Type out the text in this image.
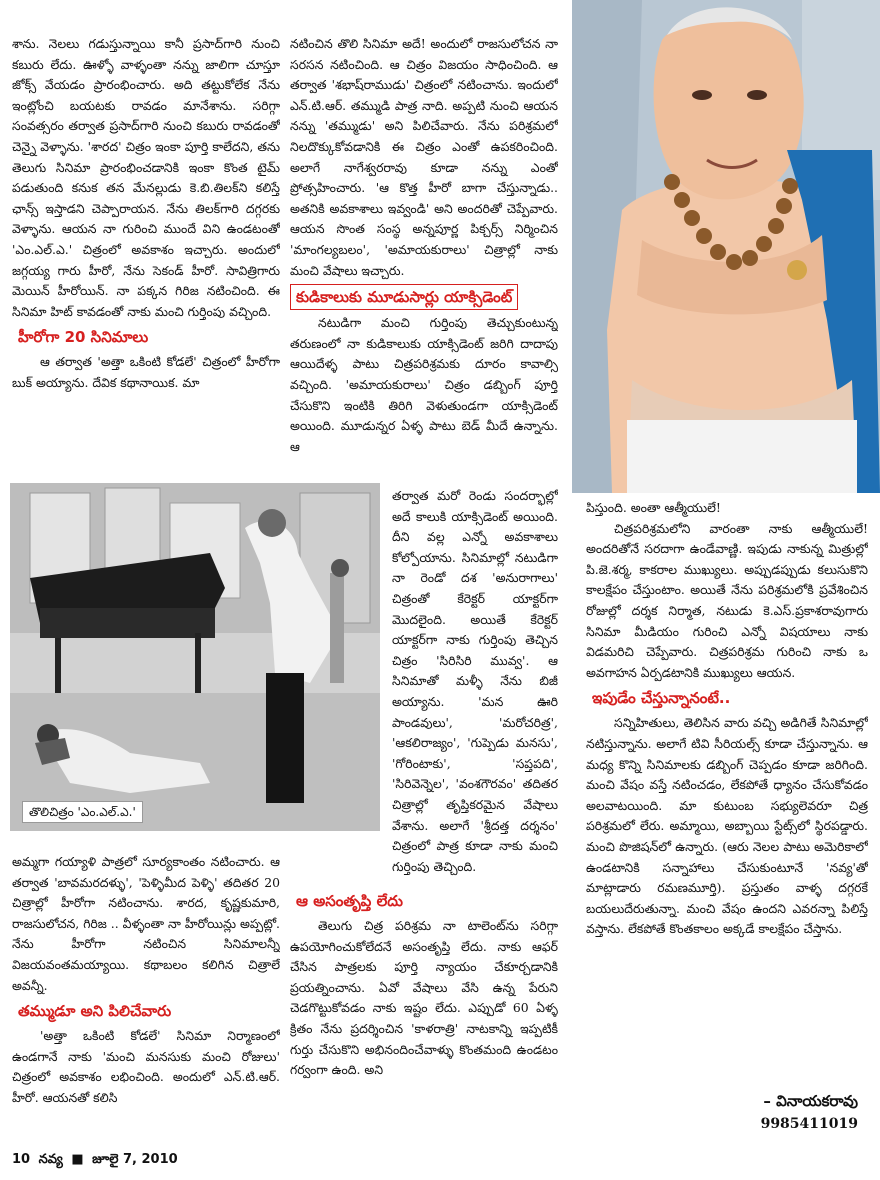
శాను. నెలలు గడుస్తున్నాయి కానీ ప్రసాద్‌గారి నుంచి కబురు లేదు. ఊళ్ళో వాళ్ళంతా నన్ను జాలిగా చూస్తూ జోక్స్ వేయడం ప్రారంభించారు. అది తట్టుకోలేక నేను ఇంట్లోంచి బయటకు రావడం మానేశాను. సరిగ్గా సంవత్సరం తర్వాత ప్రసాద్‌గారి నుంచి కబురు రావడంతో చెన్నై వెళ్ళాను. 'శారద' చిత్రం ఇంకా పూర్తి కాలేదని, తను తెలుగు సినిమా ప్రారంభించడానికి ఇంకా కొంత టైమ్ పడుతుంది కనుక తన మేనల్లుడు కె.బి.తిలక్‌ని కలిస్తే ఛాన్స్ ఇస్తాడని చెప్పారాయన. నేను తిలక్‌గారి దగ్గరకు వెళ్ళాను. ఆయన నా గురించి ముందే విని ఉండటంతో 'ఎం.ఎల్.ఎ.' చిత్రంలో అవకాశం ఇచ్చారు. అందులో జగ్గయ్య గారు హీరో, నేను సెకండ్ హీరో. సావిత్రిగారు మెయిన్ హీరోయిన్. నా పక్కన గిరిజ నటించింది. ఈ సినిమా హిట్ కావడంతో నాకు మంచి గుర్తింపు వచ్చింది.

హీరోగా 20 సినిమాలు

ఆ తర్వాత 'అత్తా ఒకింటి కోడలే' చిత్రంలో హీరోగా బుక్ అయ్యాను. దేవిక కథానాయిక. మా

తొలిచిత్రం 'ఎం.ఎల్.ఎ.'

అమ్మగా గయ్యాళి పాత్రలో సూర్యకాంతం నటించారు. ఆ తర్వాత 'బావమరదళ్ళు', 'పెళ్ళిమీద పెళ్ళి' తదితర 20 చిత్రాల్లో హీరోగా నటించాను. శారద, కృష్ణకుమారి, రాజసులోచన, గిరిజ .. వీళ్ళంతా నా హీరోయిన్లు అప్పట్లో. నేను హీరోగా నటించిన సినిమాలన్నీ విజయవంతమయ్యాయి. కథాబలం కలిగిన చిత్రాలే అవన్నీ.

తమ్ముడూ అని పిలిచేవారు

'అత్తా ఒకింటి కోడలే' సినిమా నిర్మాణంలో ఉండగానే నాకు 'మంచి మనసుకు మంచి రోజులు' చిత్రంలో అవకాశం లభించింది. అందులో ఎన్.టి.ఆర్. హీరో. ఆయనతో కలిసి

నటించిన తొలి సినిమా అదే! అందులో రాజసులోచన నా సరసన నటించింది. ఆ చిత్రం విజయం సాధించింది. ఆ తర్వాత 'శభాష్‌రాముడు' చిత్రంలో నటించాను. ఇందులో ఎన్.టి.ఆర్. తమ్ముడి పాత్ర నాది. అప్పటి నుంచి ఆయన నన్ను 'తమ్ముడు' అని పిలిచేవారు. నేను పరిశ్రమలో నిలదొక్కుకోవడానికి ఈ చిత్రం ఎంతో ఉపకరించింది. అలాగే నాగేశ్వరరావు కూడా నన్ను ఎంతో ప్రోత్సహించారు. 'ఆ కొత్త హీరో బాగా చేస్తున్నాడు.. అతనికి అవకాశాలు ఇవ్వండి' అని అందరితో చెప్పేవారు. ఆయన సొంత సంస్థ అన్నపూర్ణ పిక్చర్స్ నిర్మించిన 'మాంగల్యబలం', 'అమాయకురాలు' చిత్రాల్లో నాకు మంచి వేషాలు ఇచ్చారు.

కుడికాలుకు మూడుసార్లు యాక్సిడెంట్

నటుడిగా మంచి గుర్తింపు తెచ్చుకుంటున్న తరుణంలో నా కుడికాలుకు యాక్సిడెంట్ జరిగి దాదాపు ఆయిదేళ్ళ పాటు చిత్రపరిశ్రమకు దూరం కావాల్సి వచ్చింది. 'అమాయకురాలు' చిత్రం డబ్బింగ్ పూర్తి చేసుకొని ఇంటికి తిరిగి వెళుతుండగా యాక్సిడెంట్ అయింది. మూడున్నర ఏళ్ళ పాటు బెడ్ మీదే ఉన్నాను. ఆ

తర్వాత మరో రెండు సందర్భాల్లో అదే కాలుకి యాక్సిడెంట్ అయింది. దీని వల్ల ఎన్నో అవకాశాలు కోల్పోయాను. సినిమాల్లో నటుడిగా నా రెండో దశ 'అనురాగాలు' చిత్రంతో కేరెక్టర్ యాక్టర్‌గా మొదలైంది. అయితే కేరెక్టర్ యాక్టర్‌గా నాకు గుర్తింపు తెచ్చిన చిత్రం 'సిరిసిరి మువ్వ'. ఆ సినిమాతో మళ్ళీ నేను బిజీ అయ్యాను. 'మన ఊరి పాండవులు', 'మరోచరిత్ర', 'ఆకలిరాజ్యం', 'గుప్పెడు మనసు', 'గోరింటాకు', 'సప్తపది', 'సిరివెన్నెల', 'వంశగౌరవం' తదితర చిత్రాల్లో తృప్తికరమైన వేషాలు వేశాను. అలాగే 'శ్రీదత్త దర్శనం' చిత్రంలో పాత్ర కూడా నాకు మంచి గుర్తింపు తెచ్చింది.

ఆ అసంతృప్తి లేదు

తెలుగు చిత్ర పరిశ్రమ నా టాలెంట్‌ను సరిగ్గా ఉపయోగించుకోలేదనే అసంతృప్తి లేదు. నాకు ఆఫర్ చేసిన పాత్రలకు పూర్తి న్యాయం చేకూర్చడానికి ప్రయత్నించాను. ఏవో వేషాలు వేసి ఉన్న పేరుని చెడగొట్టుకోవడం నాకు ఇష్టం లేదు. ఎప్పుడో 60 ఏళ్ళ క్రితం నేను ప్రదర్శించిన 'కాళరాత్రి' నాటకాన్ని ఇప్పటికీ గుర్తు చేసుకొని అభినందించేవాళ్ళు కొంతమంది ఉండటం గర్వంగా ఉంది. అని

పిస్తుంది. అంతా ఆత్మీయులే!

చిత్రపరిశ్రమలోని వారంతా నాకు ఆత్మీయులే! అందరితోనే సరదాగా ఉండేవాణ్ణి. ఇపుడు నాకున్న మిత్రుల్లో పి.జె.శర్మ, కాకరాల ముఖ్యులు. అప్పుడప్పుడు కలుసుకొని కాలక్షేపం చేస్తుంటాం. అయితే నేను పరిశ్రమలోకి ప్రవేశించిన రోజుల్లో దర్శక నిర్మాత, నటుడు కె.ఎస్.ప్రకాశరావుగారు సినిమా మీడియం గురించి ఎన్నో విషయాలు నాకు విడమరిచి చెప్పేవారు. చిత్రపరిశ్రమ గురించి నాకు ఒ అవగాహన ఏర్పడటానికి ముఖ్యులు ఆయన.

ఇపుడేం చేస్తున్నానంటే..

సన్నిహితులు, తెలిసిన వారు వచ్చి అడిగితే సినిమాల్లో నటిస్తున్నాను. అలాగే టివి సీరియల్స్ కూడా చేస్తున్నాను. ఆ మధ్య కొన్ని సినిమాలకు డబ్బింగ్ చెప్పడం కూడా జరిగింది. మంచి వేషం వస్తే నటించడం, లేకపోతే ధ్యానం చేసుకోవడం అలవాటయింది. మా కుటుంబ సభ్యులెవరూ చిత్ర పరిశ్రమలో లేరు. అమ్మాయి, అబ్బాయి స్టేట్స్‌లో స్థిరపడ్డారు. మంచి పొజిషన్‌లో ఉన్నారు. (ఆరు నెలల పాటు అమెరికాలో ఉండటానికి సన్నాహాలు చేసుకుంటూనే 'నవ్య'తో మాట్లాడారు రమణమూర్తి). ప్రస్తుతం వాళ్ళ దగ్గరకే బయలుదేరుతున్నా. మంచి వేషం ఉందని ఎవరన్నా పిలిస్తే వస్తాను. లేకపోతే కొంతకాలం అక్కడే కాలక్షేపం చేస్తాను.

– వినాయకరావు
9985411019
10 నవ్య ■ జూలై 7, 2010
